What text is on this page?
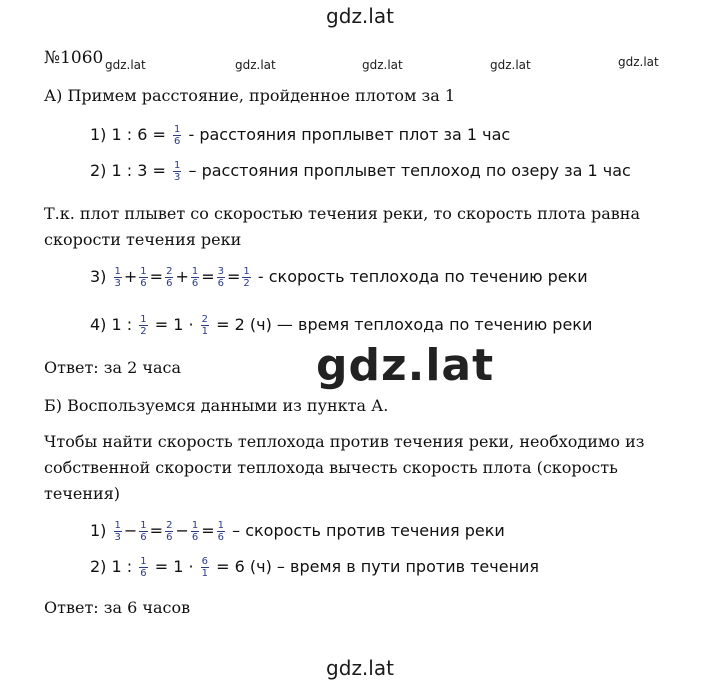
gdz.lat
gdz.lat	gdz.lat	gdz.lat	gdz.lat	gdz.lat
gdz.lat
gdz.lat
№1060
А) Примем расстояние, пройденное плотом за 1
1) 1 : $6 = \frac{1}{6}$ - расстояния проплывет плот за 1 час
2) 1 : $3 = \frac{1}{3}$ – расстояния проплывет теплоход по озеру за 1 час
Т.к. плот плывет со скоростью течения реки, то скорость плота равна
скорости течения реки
$3) \frac{1}{3} + \frac{1}{6} = \frac{2}{6} + \frac{1}{6} = \frac{3}{6} = \frac{1}{2}$ - скорость теплохода по течению реки
4) 1 : $\frac{1}{2} = 1 \cdot \frac{2}{1} = 2$ (ч) — время теплохода по течению реки
Ответ: за 2 часа
Б) Воспользуемся данными из пункта А.
Чтобы найти скорость теплохода против течения реки, необходимо из
собственной скорости теплохода вычесть скорость плота (скорость
течения)
$1) \frac{1}{3} - \frac{1}{6} = \frac{2}{6} - \frac{1}{6} = \frac{1}{6}$ – скорость против течения реки
2) 1 : $\frac{1}{6} = 1 \cdot \frac{6}{1} = 6$ (ч) – время в пути против течения
Ответ: за 6 часов
